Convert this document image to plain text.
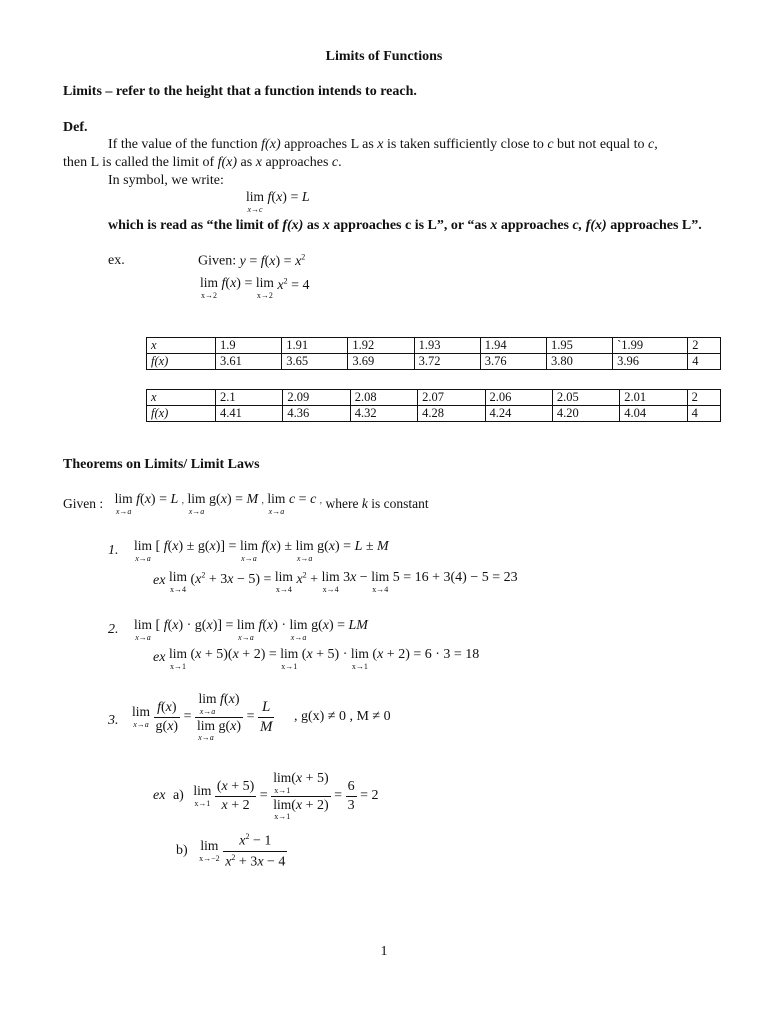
Limits of Functions
Limits – refer to the height that a function intends to reach.
Def.
If the value of the function f(x) approaches L as x is taken sufficiently close to c but not equal to c,
then L is called the limit of f(x) as x approaches c.
In symbol, we write:
lim
x→c
f(x) = L
which is read as “the limit of f(x) as x approaches c is L”, or “as x approaches c, f(x) approaches L”.
ex.	Given: $y = f(x) = x^2$
lim
x→2
f(x) = lim
x→2
$x^2 = 4$
x	1.9	1.91	1.92	1.93	1.94	1.95	`1.99	2
f(x)	3.61	3.65	3.69	3.72	3.76	3.80	3.96	4
x	2.1	2.09	2.08	2.07	2.06	2.05	2.01	2
f(x)	4.41	4.36	4.32	4.28	4.24	4.20	4.04	4
Theorems on Limits/ Limit Laws
Given : lim
x→a
f(x) = L , lim
x→a
g(x) = M , lim
x→a
c = c , where k is constant
1. lim
x→a
[ f(x) ± g(x)] = lim
x→a
f(x) ± lim
x→a
g(x) = L ± M
ex lim
x→4
$(x^2 + 3x - 5) = \lim$
x→4
$x^2 + \lim$
x→4
3x − lim
x→4
5 = 16 + 3(4) − 5 = 23
2. lim
x→a
[ f(x) · g(x)] = lim
x→a
f(x) · lim
x→a
g(x) = LM
ex lim
x→1
(x + 5)(x + 2) = lim
x→1
(x + 5) · lim
x→1
(x + 2) = 6 · 3 = 18
3.
lim
x→a
$\frac{f(x)}{g(x)} = \lim$
x→a
f(x)
lim
x→a
$g(x) = \frac{L}{M}$ , g(x) ≠ 0 , M ≠ 0
ex a) lim
x→1
$\frac{(x + 5)}{x + 2} = \lim$
x→1
(x + 5)
lim
x→1
$(x + 2) = \frac{6}{3} = 2$
b) lim
x→−2
$\frac{x^2 - 1}{x^2 + 3x - 4}$
1
